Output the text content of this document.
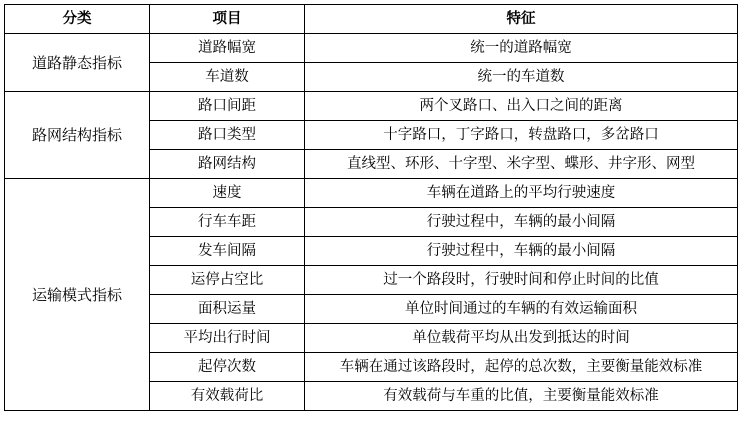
分类	项目	特征
道路静态指标	道路幅宽	统一的道路幅宽
	车道数	统一的车道数
路网结构指标	路口间距	两个叉路口、出入口之间的距离
	路口类型	十字路口，丁字路口，转盘路口，多岔路口
	路网结构	直线型、环形、十字型、米字型、蝶形、井字形、网型
运输模式指标	速度	车辆在道路上的平均行驶速度
	行车车距	行驶过程中，车辆的最小间隔
	发车间隔	行驶过程中，车辆的最小间隔
	运停占空比	过一个路段时，行驶时间和停止时间的比值
	面积运量	单位时间通过的车辆的有效运输面积
	平均出行时间	单位载荷平均从出发到抵达的时间
	起停次数	车辆在通过该路段时，起停的总次数，主要衡量能效标准
	有效载荷比	有效载荷与车重的比值，主要衡量能效标准
